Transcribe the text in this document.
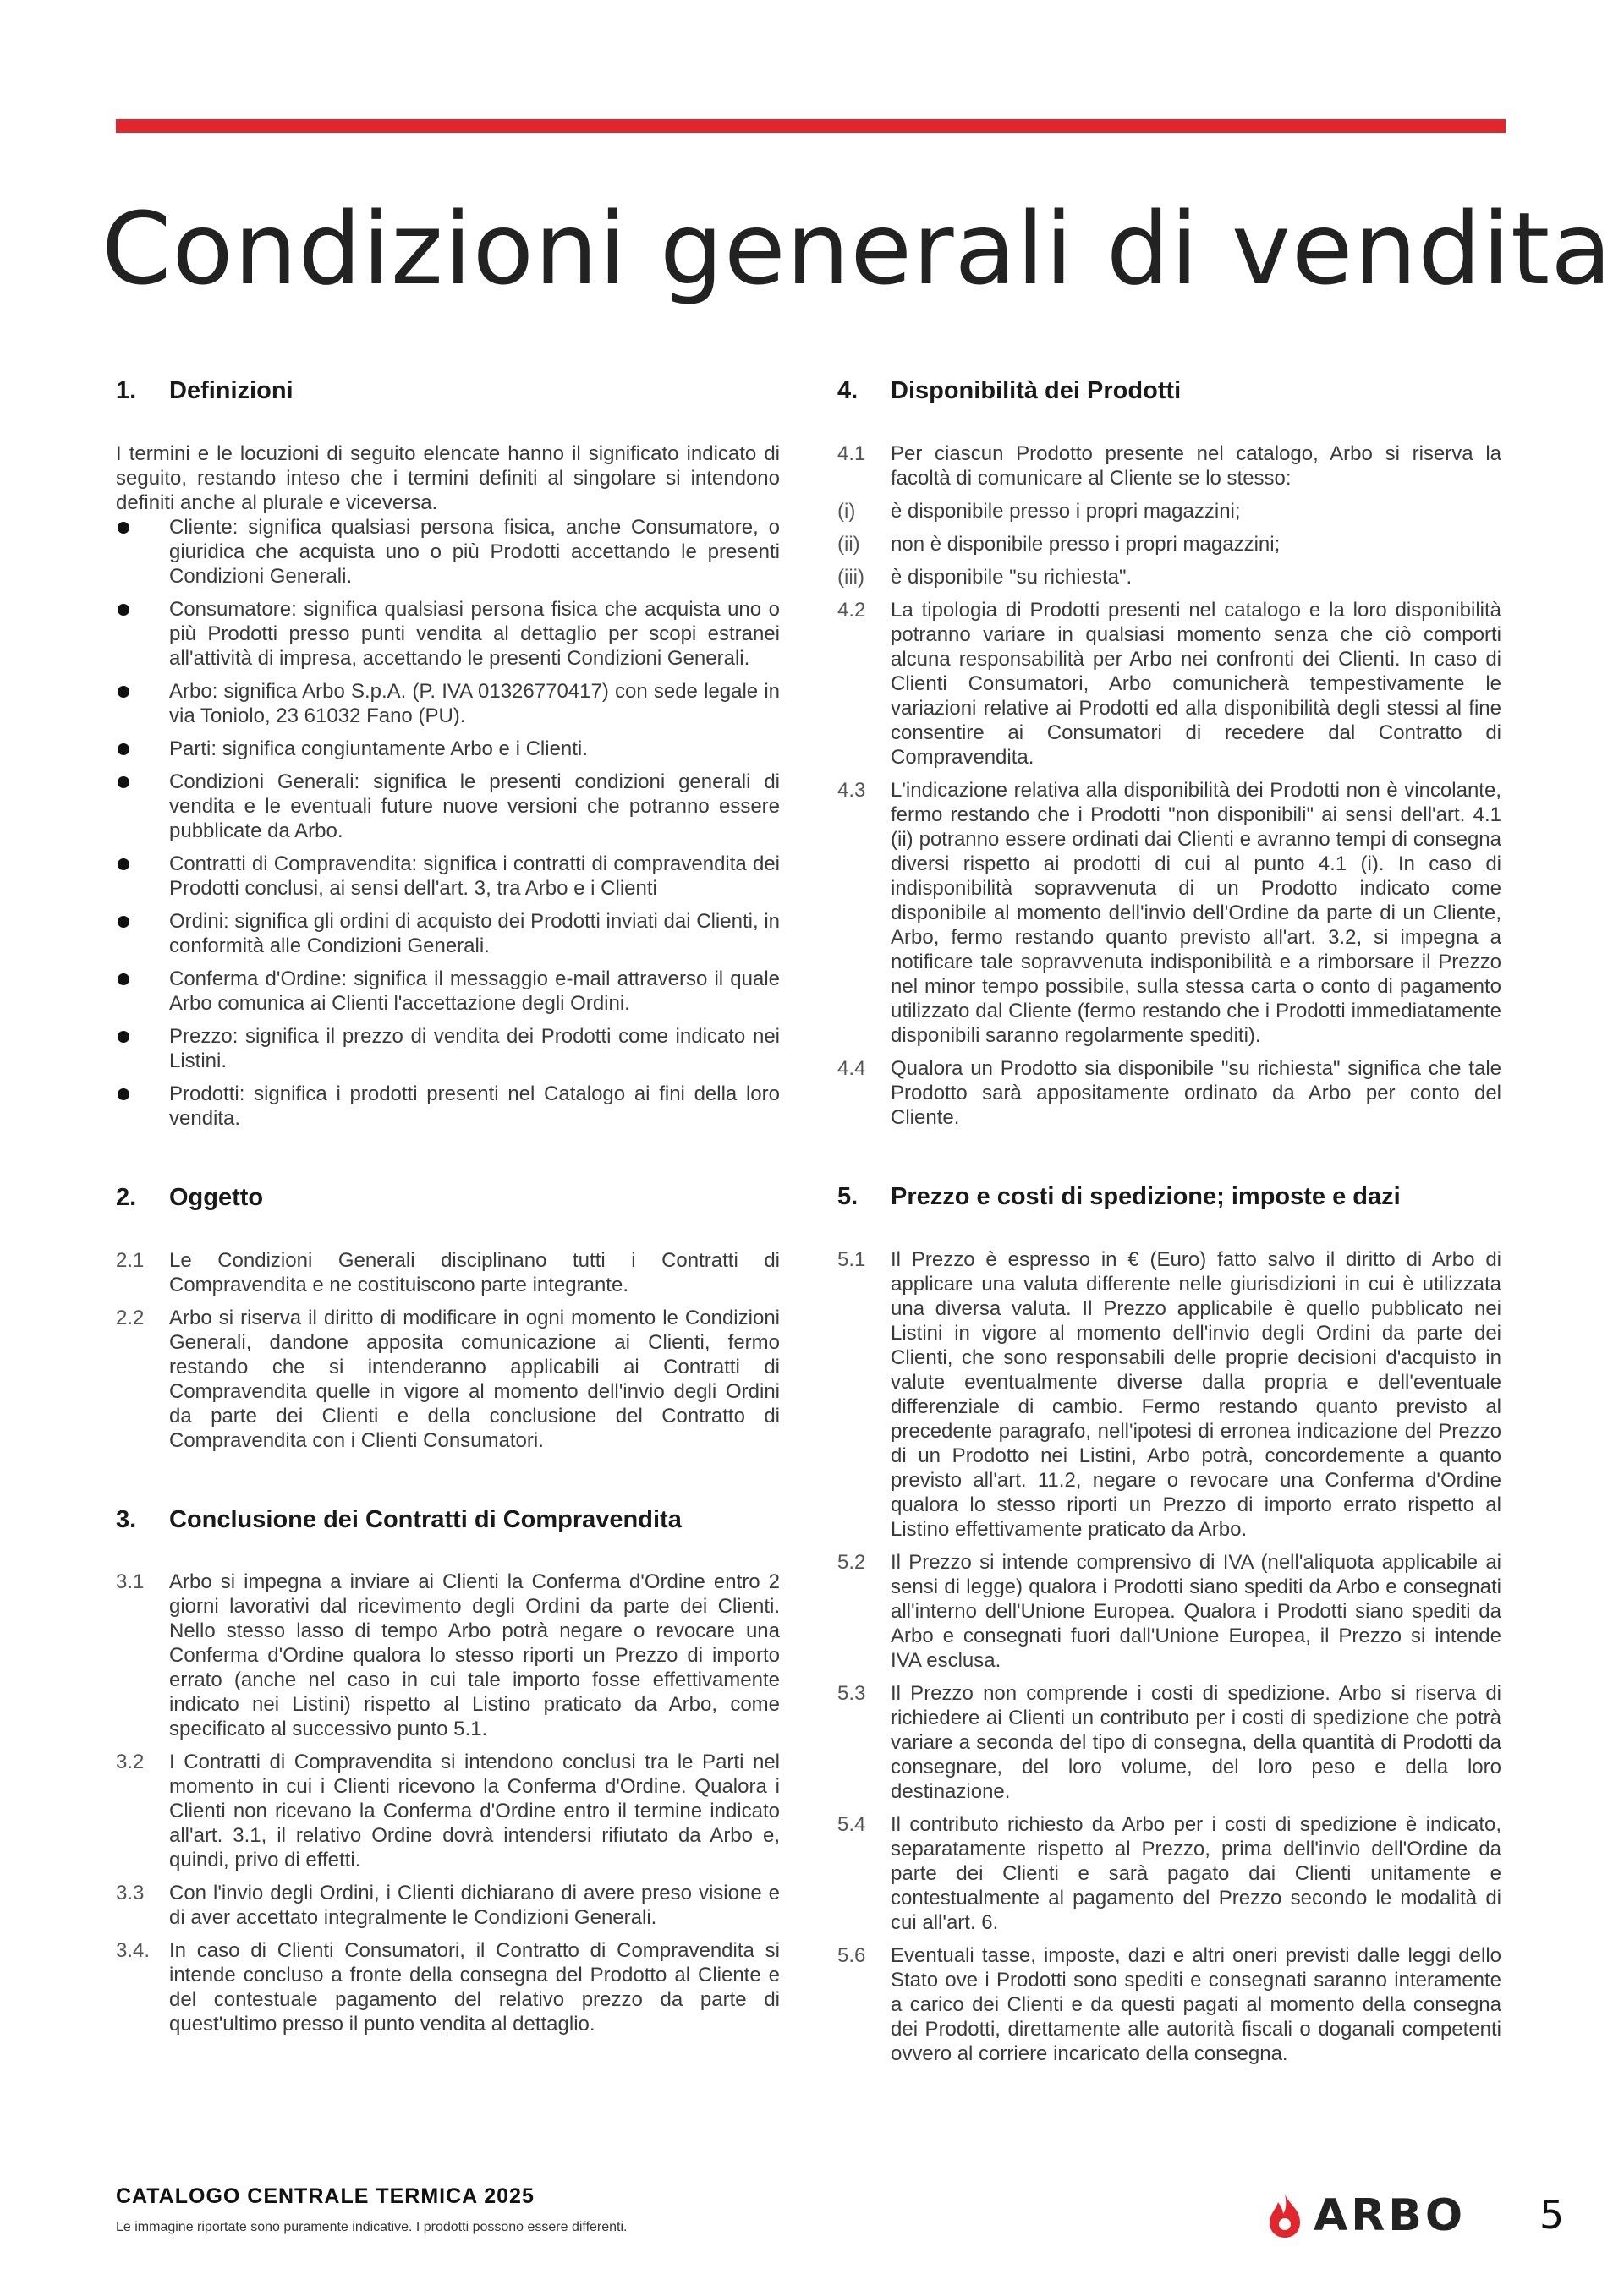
Condizioni generali di vendita
1.	Definizioni

I termini e le locuzioni di seguito elencate hanno il significato indicato di seguito, restando inteso che i termini definiti al singolare si intendono definiti anche al plurale e viceversa.

Cliente: significa qualsiasi persona fisica, anche Consumatore, o giuridica che acquista uno o più Prodotti accettando le presenti Condizioni Generali.

Consumatore: significa qualsiasi persona fisica che acquista uno o più Prodotti presso punti vendita al dettaglio per scopi estranei all'attività di impresa, accettando le presenti Condizioni Generali.

Arbo: significa Arbo S.p.A. (P. IVA 01326770417) con sede legale in via Toniolo, 23 61032 Fano (PU).

Parti: significa congiuntamente Arbo e i Clienti.

Condizioni Generali: significa le presenti condizioni generali di vendita e le eventuali future nuove versioni che potranno essere pubblicate da Arbo.

Contratti di Compravendita: significa i contratti di compravendita dei Prodotti conclusi, ai sensi dell'art. 3, tra Arbo e i Clienti

Ordini: significa gli ordini di acquisto dei Prodotti inviati dai Clienti, in conformità alle Condizioni Generali.

Conferma d'Ordine: significa il messaggio e-mail attraverso il quale Arbo comunica ai Clienti l'accettazione degli Ordini.

Prezzo: significa il prezzo di vendita dei Prodotti come indicato nei Listini.

Prodotti: significa i prodotti presenti nel Catalogo ai fini della loro vendita.

2.	Oggetto
2.1	Le Condizioni Generali disciplinano tutti i Contratti di Compravendita e ne costituiscono parte integrante.

2.2	Arbo si riserva il diritto di modificare in ogni momento le Condizioni Generali, dandone apposita comunicazione ai Clienti, fermo restando che si intenderanno applicabili ai Contratti di Compravendita quelle in vigore al momento dell'invio degli Ordini da parte dei Clienti e della conclusione del Contratto di Compravendita con i Clienti Consumatori.

3.	Conclusione dei Contratti di Compravendita
3.1	Arbo si impegna a inviare ai Clienti la Conferma d'Ordine entro 2 giorni lavorativi dal ricevimento degli Ordini da parte dei Clienti. Nello stesso lasso di tempo Arbo potrà negare o revocare una Conferma d'Ordine qualora lo stesso riporti un Prezzo di importo errato (anche nel caso in cui tale importo fosse effettivamente indicato nei Listini) rispetto al Listino praticato da Arbo, come specificato al successivo punto 5.1.

3.2	I Contratti di Compravendita si intendono conclusi tra le Parti nel momento in cui i Clienti ricevono la Conferma d'Ordine. Qualora i Clienti non ricevano la Conferma d'Ordine entro il termine indicato all'art. 3.1, il relativo Ordine dovrà intendersi rifiutato da Arbo e, quindi, privo di effetti.

3.3	Con l'invio degli Ordini, i Clienti dichiarano di avere preso visione e di aver accettato integralmente le Condizioni Generali.

3.4. In caso di Clienti Consumatori, il Contratto di Compravendita si intende concluso a fronte della consegna del Prodotto al Cliente e del contestuale pagamento del relativo prezzo da parte di quest'ultimo presso il punto vendita al dettaglio.

4.	Disponibilità dei Prodotti
4.1	Per ciascun Prodotto presente nel catalogo, Arbo si riserva la facoltà di comunicare al Cliente se lo stesso:

(i)	è disponibile presso i propri magazzini;

(ii)	non è disponibile presso i propri magazzini;

(iii)	è disponibile "su richiesta".

4.2	La tipologia di Prodotti presenti nel catalogo e la loro disponibilità potranno variare in qualsiasi momento senza che ciò comporti alcuna responsabilità per Arbo nei confronti dei Clienti. In caso di Clienti Consumatori, Arbo comunicherà tempestivamente le variazioni relative ai Prodotti ed alla disponibilità degli stessi al fine consentire ai Consumatori di recedere dal Contratto di Compravendita.

4.3	L'indicazione relativa alla disponibilità dei Prodotti non è vincolante, fermo restando che i Prodotti "non disponibili" ai sensi dell'art. 4.1 (ii) potranno essere ordinati dai Clienti e avranno tempi di consegna diversi rispetto ai prodotti di cui al punto 4.1 (i). In caso di indisponibilità sopravvenuta di un Prodotto indicato come disponibile al momento dell'invio dell'Ordine da parte di un Cliente, Arbo, fermo restando quanto previsto all'art. 3.2, si impegna a notificare tale sopravvenuta indisponibilità e a rimborsare il Prezzo nel minor tempo possibile, sulla stessa carta o conto di pagamento utilizzato dal Cliente (fermo restando che i Prodotti immediatamente disponibili saranno regolarmente spediti).

4.4	Qualora un Prodotto sia disponibile "su richiesta" significa che tale Prodotto sarà appositamente ordinato da Arbo per conto del Cliente.

5.	Prezzo e costi di spedizione; imposte e dazi
5.1	Il Prezzo è espresso in € (Euro) fatto salvo il diritto di Arbo di applicare una valuta differente nelle giurisdizioni in cui è utilizzata una diversa valuta. Il Prezzo applicabile è quello pubblicato nei Listini in vigore al momento dell'invio degli Ordini da parte dei Clienti, che sono responsabili delle proprie decisioni d'acquisto in valute eventualmente diverse dalla propria e dell'eventuale differenziale di cambio. Fermo restando quanto previsto al precedente paragrafo, nell'ipotesi di erronea indicazione del Prezzo di un Prodotto nei Listini, Arbo potrà, concordemente a quanto previsto all'art. 11.2, negare o revocare una Conferma d'Ordine qualora lo stesso riporti un Prezzo di importo errato rispetto al Listino effettivamente praticato da Arbo.

5.2	Il Prezzo si intende comprensivo di IVA (nell'aliquota applicabile ai sensi di legge) qualora i Prodotti siano spediti da Arbo e consegnati all'interno dell'Unione Europea. Qualora i Prodotti siano spediti da Arbo e consegnati fuori dall'Unione Europea, il Prezzo si intende IVA esclusa.

5.3	Il Prezzo non comprende i costi di spedizione. Arbo si riserva di richiedere ai Clienti un contributo per i costi di spedizione che potrà variare a seconda del tipo di consegna, della quantità di Prodotti da consegnare, del loro volume, del loro peso e della loro destinazione.

5.4	Il contributo richiesto da Arbo per i costi di spedizione è indicato, separatamente rispetto al Prezzo, prima dell'invio dell'Ordine da parte dei Clienti e sarà pagato dai Clienti unitamente e contestualmente al pagamento del Prezzo secondo le modalità di cui all'art. 6.

5.6	Eventuali tasse, imposte, dazi e altri oneri previsti dalle leggi dello Stato ove i Prodotti sono spediti e consegnati saranno interamente a carico dei Clienti e da questi pagati al momento della consegna dei Prodotti, direttamente alle autorità fiscali o doganali competenti ovvero al corriere incaricato della consegna.

CATALOGO CENTRALE TERMICA 2025

Le immagine riportate sono puramente indicative. I prodotti possono essere differenti.	ARBO 5
